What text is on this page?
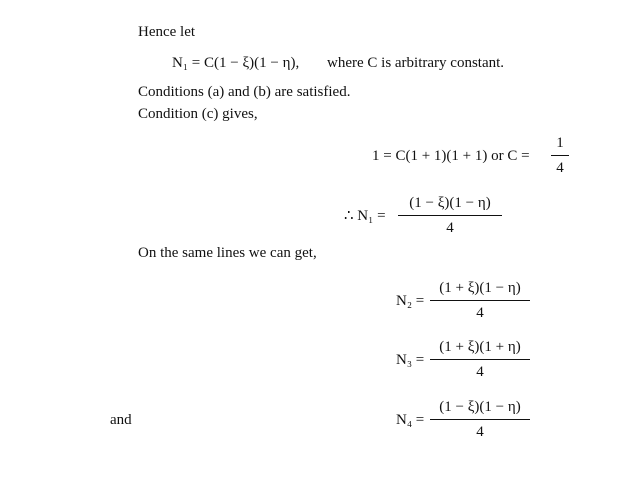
Hence let
N₁ = C(1 − ξ)(1 − η), where C is arbitrary constant.
Conditions (a) and (b) are satisfied.
Condition (c) gives,
1 = C(1 + 1)(1 + 1) or C =
1
4
∴ N₁ =
(1 − ξ)(1 − η)
4
On the same lines we can get,
N₂ =
(1 + ξ)(1 − η)
4
N₃ =
(1 + ξ)(1 + η)
4
and	N₄ =
(1 − ξ)(1 − η)
4
